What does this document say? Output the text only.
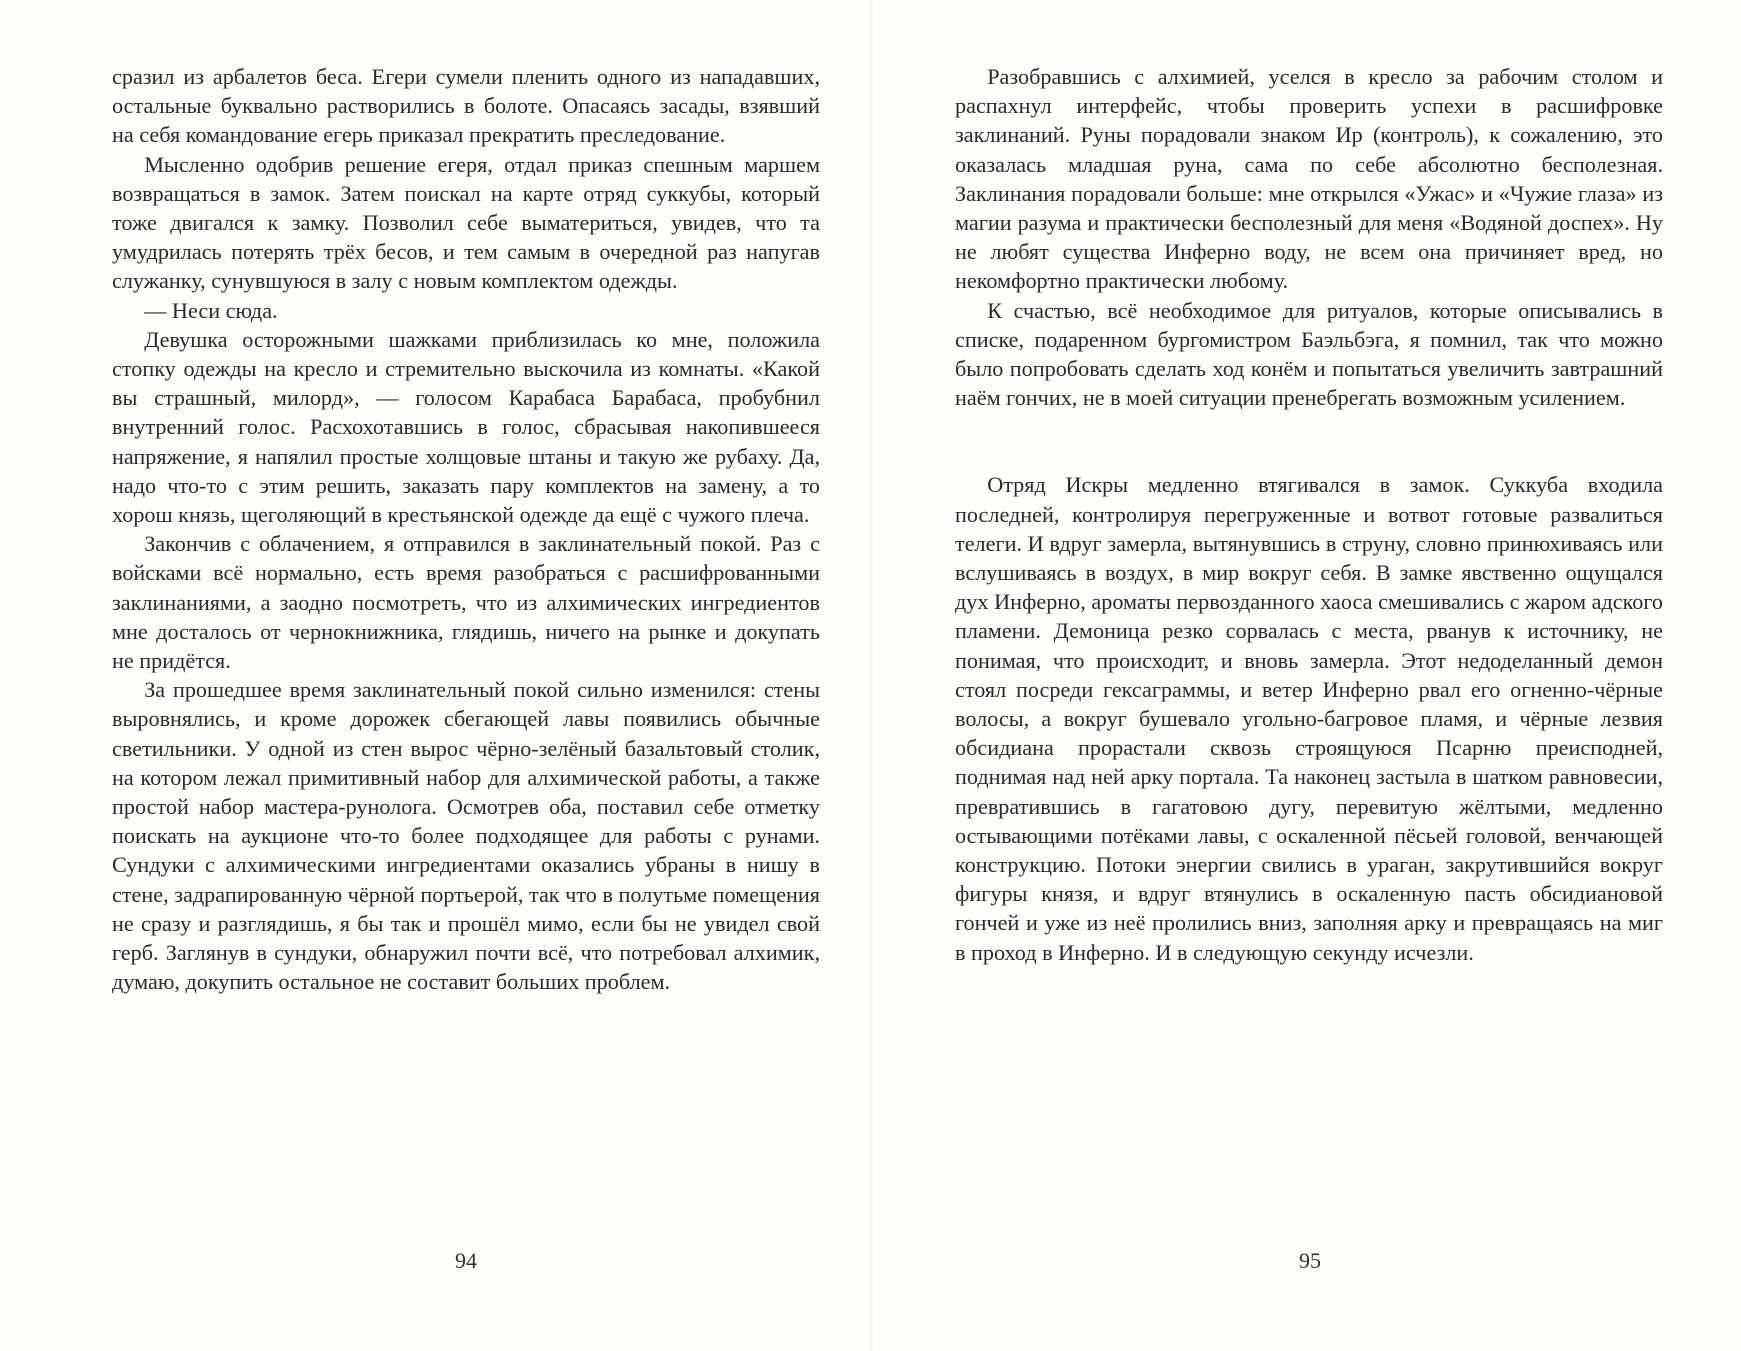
сразил из арбалетов беса. Егери сумели пленить одного из нападавших, остальные буквально растворились в болоте. Опасаясь засады, взявший на себя командование егерь приказал прекратить преследование.

Мысленно одобрив решение егеря, отдал приказ спешным маршем возвращаться в замок. Затем поискал на карте отряд суккубы, который тоже двигался к замку. Позволил себе выматериться, увидев, что та умудрилась потерять трёх бесов, и тем самым в очередной раз напугав служанку, сунувшуюся в залу с новым комплектом одежды.

— Неси сюда.

Девушка осторожными шажками приблизилась ко мне, положила стопку одежды на кресло и стремительно выскочила из комнаты. «Какой вы страшный, милорд», — голосом Карабаса Барабаса, пробубнил внутренний голос. Расхохотавшись в голос, сбрасывая накопившееся напряжение, я напялил простые холщовые штаны и такую же рубаху. Да, надо что-то с этим решить, заказать пару комплектов на замену, а то хорош князь, щеголяющий в крестьянской одежде да ещё с чужого плеча.

Закончив с облачением, я отправился в заклинательный покой. Раз с войсками всё нормально, есть время разобраться с расшифрованными заклинаниями, а заодно посмотреть, что из алхимических ингредиентов мне досталось от чернокнижника, глядишь, ничего на рынке и докупать не придётся.

За прошедшее время заклинательный покой сильно изменился: стены выровнялись, и кроме дорожек сбегающей лавы появились обычные светильники. У одной из стен вырос чёрно-зелёный базальтовый столик, на котором лежал примитивный набор для алхимической работы, а также простой набор мастера-рунолога. Осмотрев оба, поставил себе отметку поискать на аукционе что-то более подходящее для работы с рунами. Сундуки с алхимическими ингредиентами оказались убраны в нишу в стене, задрапированную чёрной портьерой, так что в полутьме помещения не сразу и разглядишь, я бы так и прошёл мимо, если бы не увидел свой герб. Заглянув в сундуки, обнаружил почти всё, что потребовал алхимик, думаю, докупить остальное не составит больших проблем.

94

Разобравшись с алхимией, уселся в кресло за рабочим столом и распахнул интерфейс, чтобы проверить успехи в расшифровке заклинаний. Руны порадовали знаком Ир (контроль), к сожалению, это оказалась младшая руна, сама по себе абсолютно бесполезная. Заклинания порадовали больше: мне открылся «Ужас» и «Чужие глаза» из магии разума и практически бесполезный для меня «Водяной доспех». Ну не любят существа Инферно воду, не всем она причиняет вред, но некомфортно практически любому.

К счастью, всё необходимое для ритуалов, которые описывались в списке, подаренном бургомистром Баэльбэга, я помнил, так что можно было попробовать сделать ход конём и попытаться увеличить завтрашний наём гончих, не в моей ситуации пренебрегать возможным усилением.

Отряд Искры медленно втягивался в замок. Суккуба входила последней, контролируя перегруженные и вотвот готовые развалиться телеги. И вдруг замерла, вытянувшись в струну, словно принюхиваясь или вслушиваясь в воздух, в мир вокруг себя. В замке явственно ощущался дух Инферно, ароматы первозданного хаоса смешивались с жаром адского пламени. Демоница резко сорвалась с места, рванув к источнику, не понимая, что происходит, и вновь замерла. Этот недоделанный демон стоял посреди гексаграммы, и ветер Инферно рвал его огненно-чёрные волосы, а вокруг бушевало угольно-багровое пламя, и чёрные лезвия обсидиана прорастали сквозь строящуюся Псарню преисподней, поднимая над ней арку портала. Та наконец застыла в шатком равновесии, превратившись в гагатовою дугу, перевитую жёлтыми, медленно остывающими потёками лавы, с оскаленной пёсьей головой, венчающей конструкцию. Потоки энергии свились в ураган, закрутившийся вокруг фигуры князя, и вдруг втянулись в оскаленную пасть обсидиановой гончей и уже из неё пролились вниз, заполняя арку и превращаясь на миг в проход в Инферно. И в следующую секунду исчезли.

95
